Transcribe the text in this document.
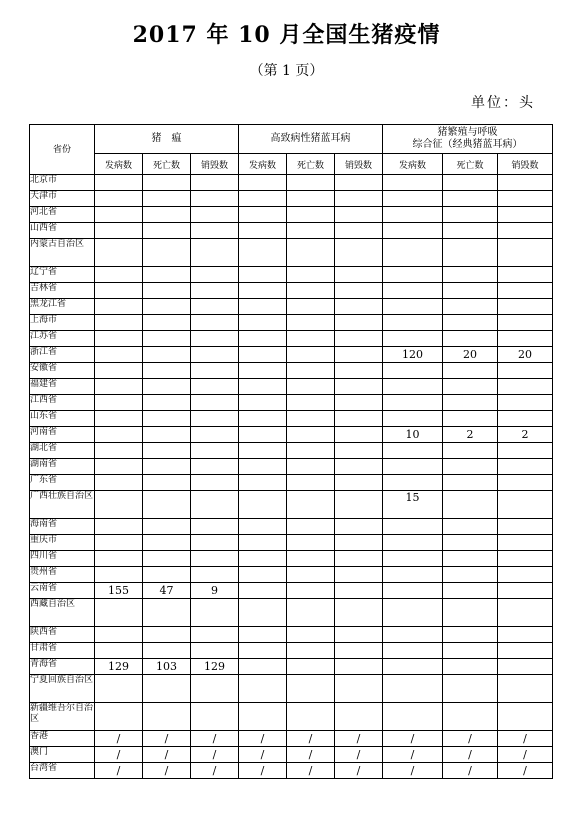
2017 年 10 月全国生猪疫情
（第 1 页）
单位：头
省份	猪　瘟			高致病性猪蓝耳病			猪繁殖与呼吸
综合征（经典猪蓝耳病）		
	发病数	死亡数	销毁数	发病数	死亡数	销毁数	发病数	死亡数	销毁数
北京市									
天津市									
河北省									
山西省									
内蒙古自治区									
辽宁省									
吉林省									
黑龙江省									
上海市									
江苏省									
浙江省							120	20	20
安徽省									
福建省									
江西省									
山东省									
河南省							10	2	2
湖北省									
湖南省									
广东省									
广西壮族自治区							15		
海南省									
重庆市									
四川省									
贵州省									
云南省	155	47	9						
西藏自治区									
陕西省									
甘肃省									
青海省	129	103	129						
宁夏回族自治区									
新疆维吾尔自治区									
香港	/	/	/	/	/	/	/	/	/
澳门	/	/	/	/	/	/	/	/	/
台湾省	/	/	/	/	/	/	/	/	/
